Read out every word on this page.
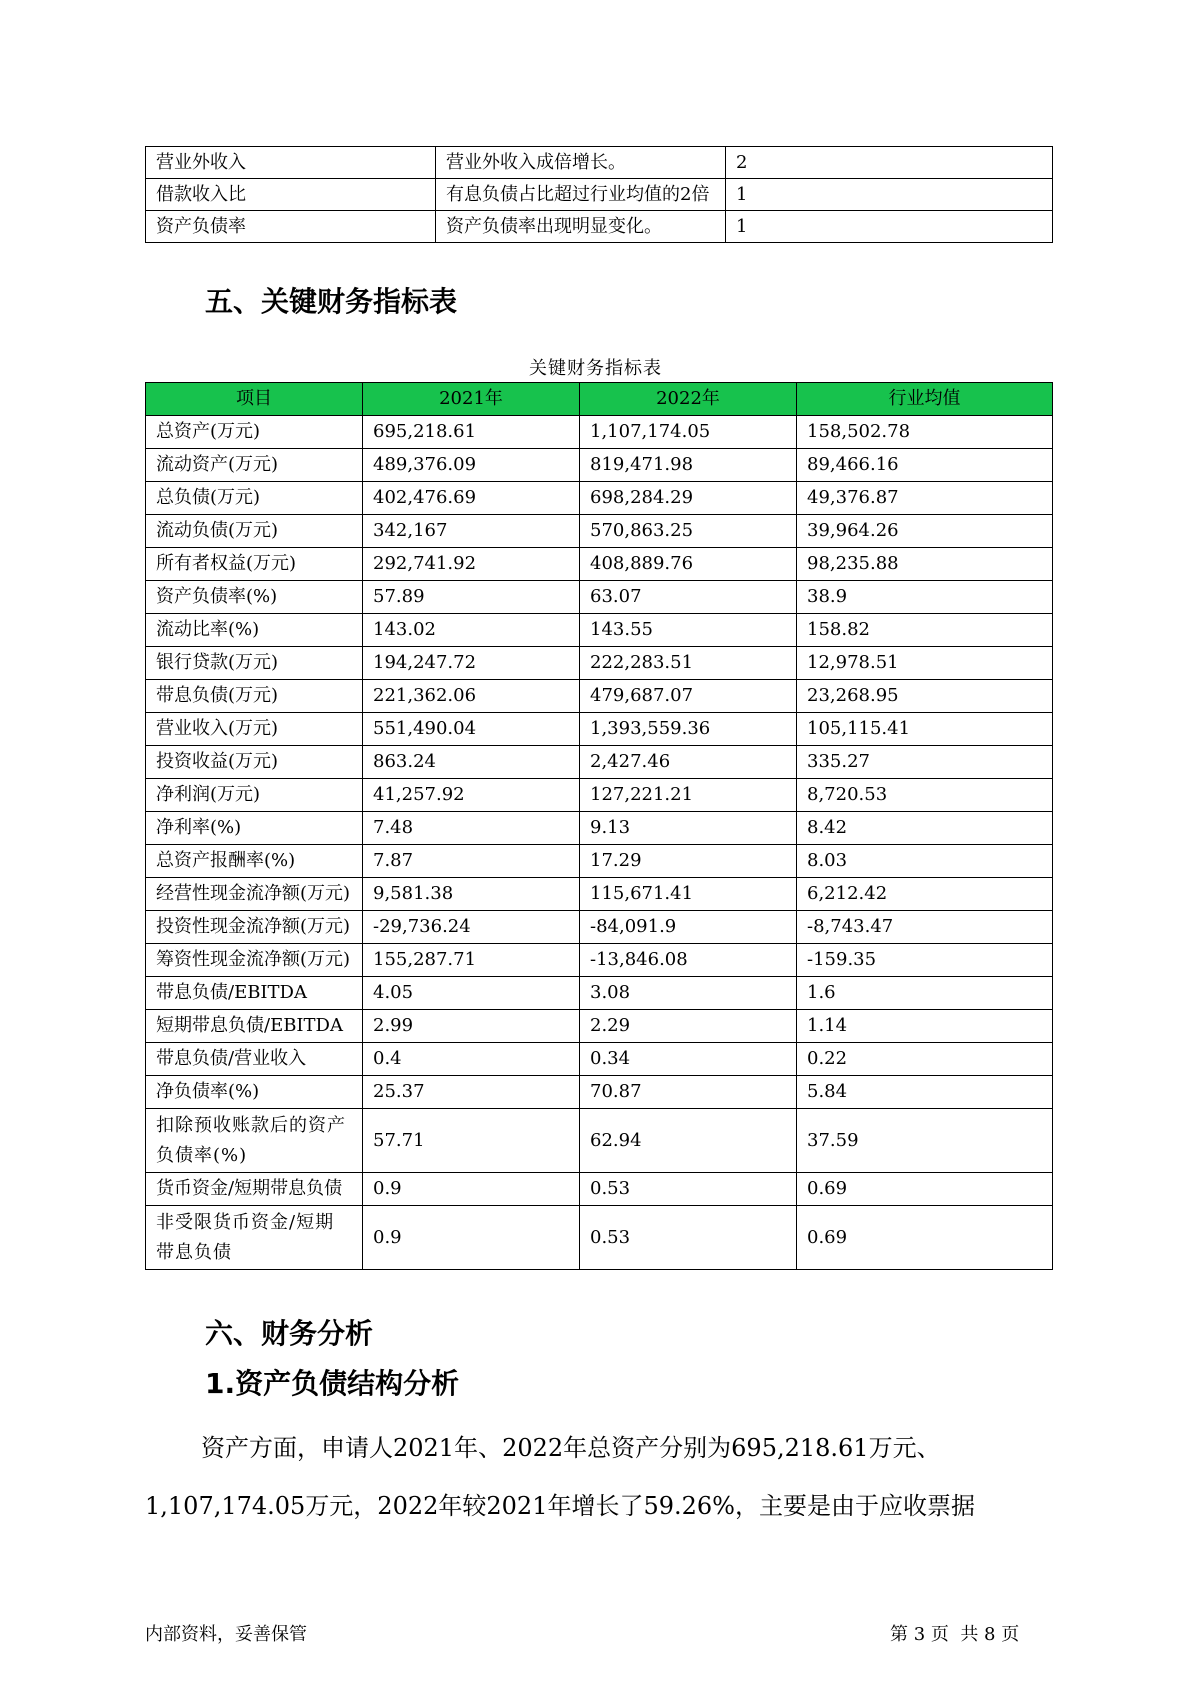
营业外收入	营业外收入成倍增长。	2
借款收入比	有息负债占比超过行业均值的2倍	1
资产负债率	资产负债率出现明显变化。	1
五、关键财务指标表
关键财务指标表
项目	2021年	2022年	行业均值
总资产(万元)	695,218.61	1,107,174.05	158,502.78
流动资产(万元)	489,376.09	819,471.98	89,466.16
总负债(万元)	402,476.69	698,284.29	49,376.87
流动负债(万元)	342,167	570,863.25	39,964.26
所有者权益(万元)	292,741.92	408,889.76	98,235.88
资产负债率(%)	57.89	63.07	38.9
流动比率(%)	143.02	143.55	158.82
银行贷款(万元)	194,247.72	222,283.51	12,978.51
带息负债(万元)	221,362.06	479,687.07	23,268.95
营业收入(万元)	551,490.04	1,393,559.36	105,115.41
投资收益(万元)	863.24	2,427.46	335.27
净利润(万元)	41,257.92	127,221.21	8,720.53
净利率(%)	7.48	9.13	8.42
总资产报酬率(%)	7.87	17.29	8.03
经营性现金流净额(万元)	9,581.38	115,671.41	6,212.42
投资性现金流净额(万元)	-29,736.24	-84,091.9	-8,743.47
筹资性现金流净额(万元)	155,287.71	-13,846.08	-159.35
带息负债/EBITDA	4.05	3.08	1.6
短期带息负债/EBITDA	2.99	2.29	1.14
带息负债/营业收入	0.4	0.34	0.22
净负债率(%)	25.37	70.87	5.84
扣除预收账款后的资产负债率(%)	57.71	62.94	37.59
货币资金/短期带息负债	0.9	0.53	0.69
非受限货币资金/短期带息负债	0.9	0.53	0.69
六、财务分析
1.资产负债结构分析

资产方面，申请人2021年、2022年总资产分别为695,218.61万元、

1,107,174.05万元，2022年较2021年增长了59.26%，主要是由于应收票据

内部资料，妥善保管	第 3 页  共 8 页
